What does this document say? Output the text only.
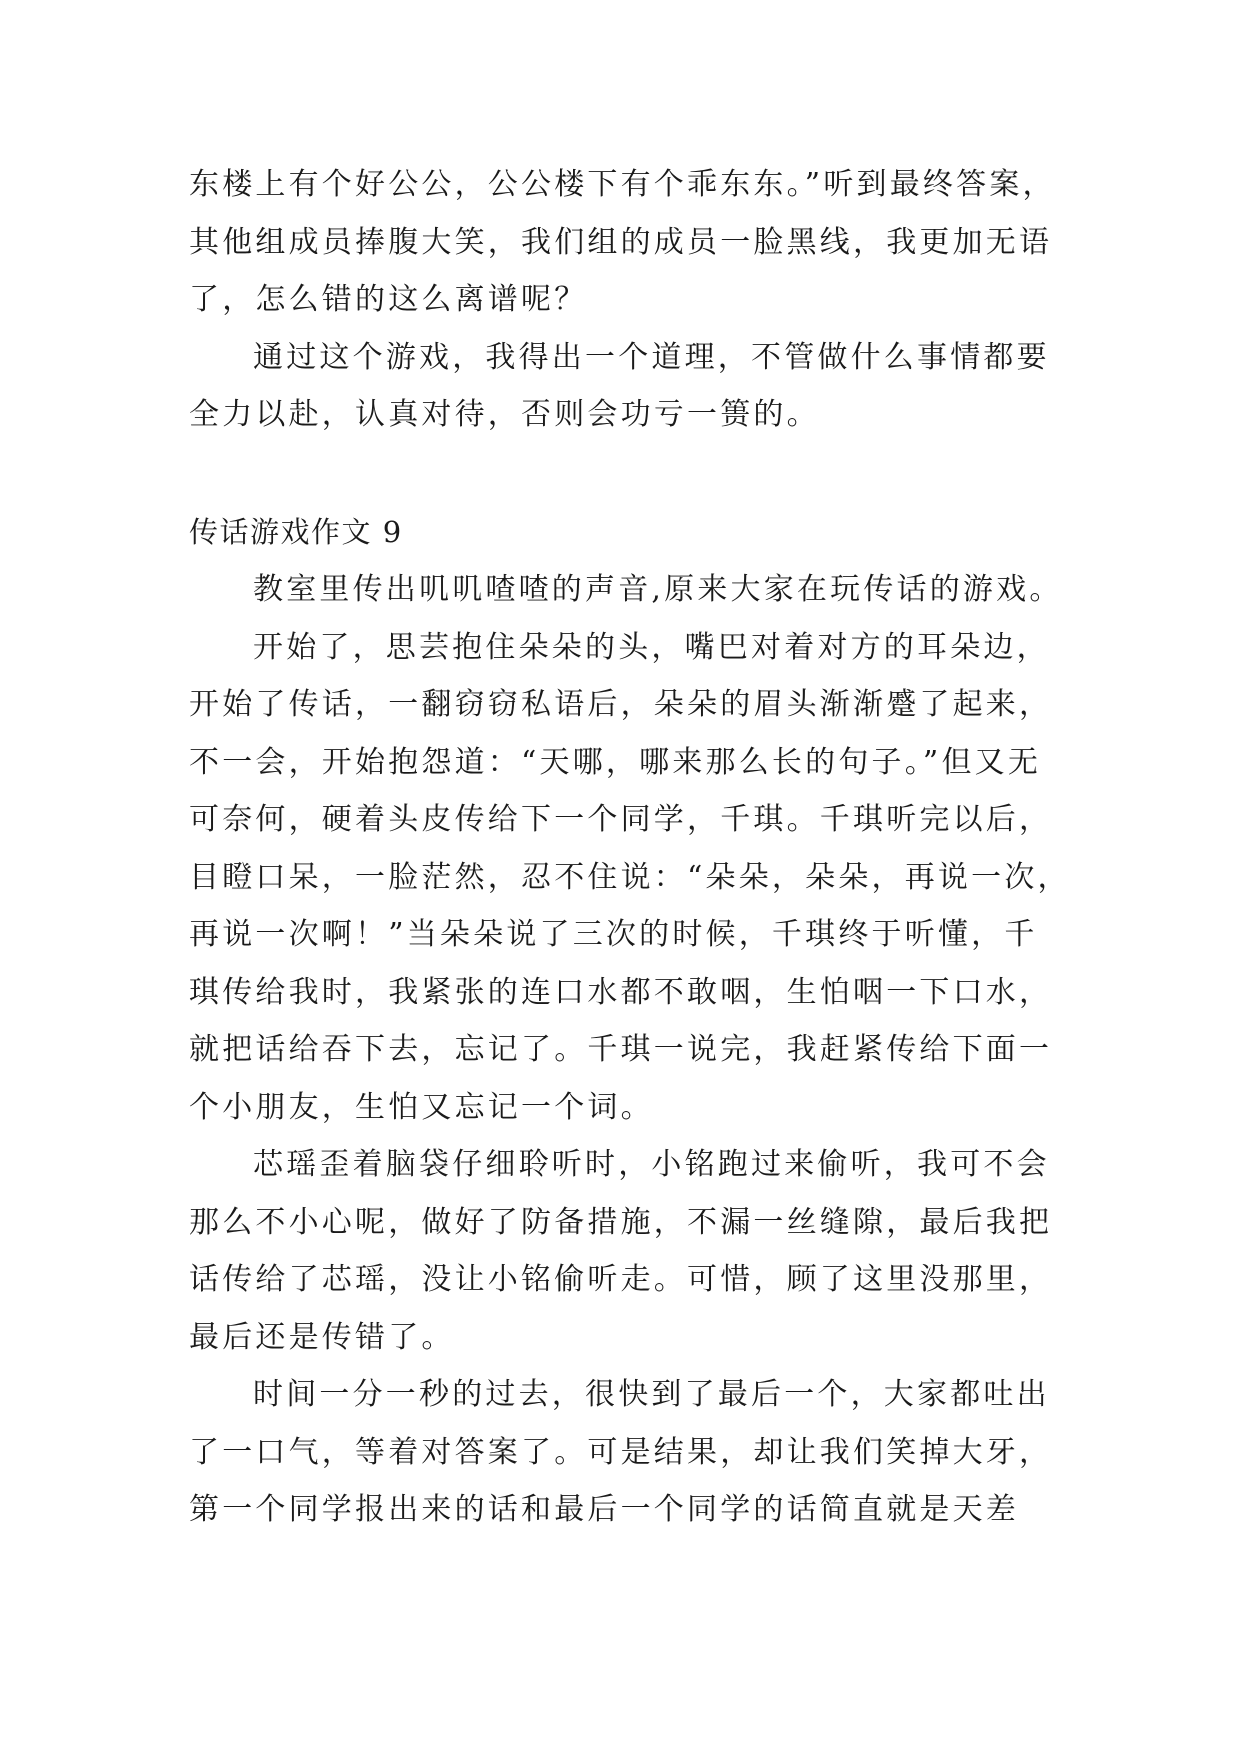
东楼上有个好公公，公公楼下有个乖东东。”听到最终答案，
其他组成员捧腹大笑，我们组的成员一脸黑线，我更加无语
了，怎么错的这么离谱呢？
通过这个游戏，我得出一个道理，不管做什么事情都要
全力以赴，认真对待，否则会功亏一篑的。
传话游戏作文 9
教室里传出叽叽喳喳的声音,原来大家在玩传话的游戏。
开始了，思芸抱住朵朵的头，嘴巴对着对方的耳朵边，
开始了传话，一翻窃窃私语后，朵朵的眉头渐渐蹙了起来，
不一会，开始抱怨道：“天哪，哪来那么长的句子。”但又无
可奈何，硬着头皮传给下一个同学，千琪。千琪听完以后，
目瞪口呆，一脸茫然，忍不住说：“朵朵，朵朵，再说一次，
再说一次啊！”当朵朵说了三次的时候，千琪终于听懂，千
琪传给我时，我紧张的连口水都不敢咽，生怕咽一下口水，
就把话给吞下去，忘记了。千琪一说完，我赶紧传给下面一
个小朋友，生怕又忘记一个词。
芯瑶歪着脑袋仔细聆听时，小铭跑过来偷听，我可不会
那么不小心呢，做好了防备措施，不漏一丝缝隙，最后我把
话传给了芯瑶，没让小铭偷听走。可惜，顾了这里没那里，
最后还是传错了。
时间一分一秒的过去，很快到了最后一个，大家都吐出
了一口气，等着对答案了。可是结果，却让我们笑掉大牙，
第一个同学报出来的话和最后一个同学的话简直就是天差
